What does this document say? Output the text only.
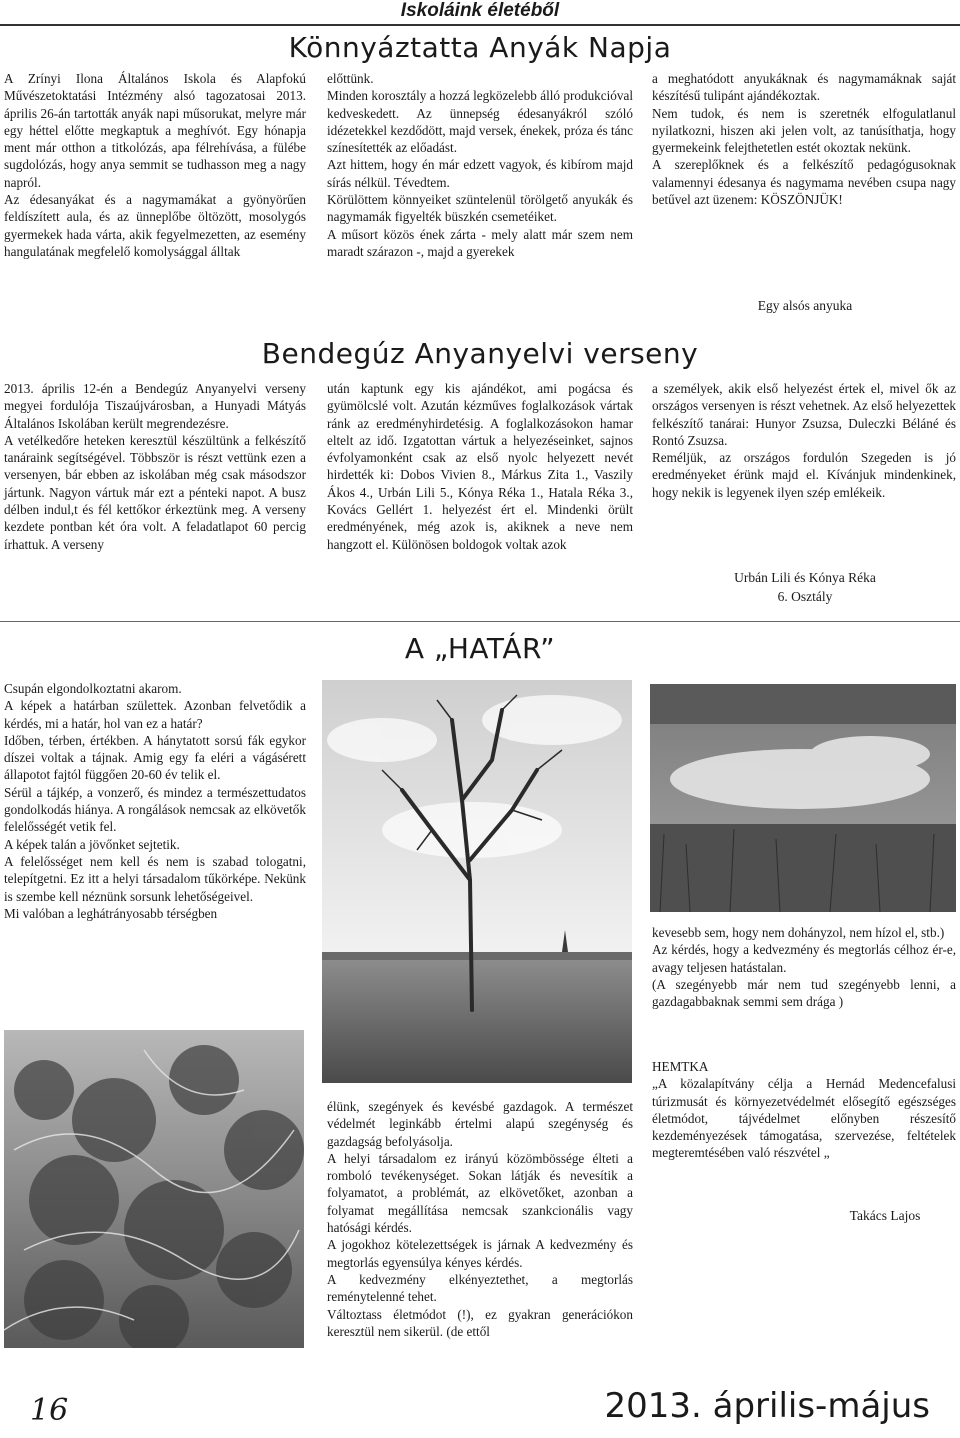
Iskoláink életéből
Könnyáztatta Anyák Napja

A Zrínyi Ilona Általános Iskola és Alapfokú Művészetoktatási Intézmény alsó tagozatosai 2013. április 26-án tartották anyák napi műsorukat, melyre már egy héttel előtte megkaptuk a meghívót. Egy hónapja ment már otthon a titkolózás, apa félrehívása, a fülébe sugdolózás, hogy anya semmit se tudhasson meg a nagy napról.

Az édesanyákat és a nagymamákat a gyönyörűen feldíszített aula, és az ünneplőbe öltözött, mosolygós gyermekek hada várta, akik fegyelmezetten, az esemény hangulatának megfelelő komolysággal álltak

előttünk.

Minden korosztály a hozzá legközelebb álló produkcióval kedveskedett. Az ünnepség édesanyákról szóló idézetekkel kezdődött, majd versek, énekek, próza és tánc színesítették az előadást.

Azt hittem, hogy én már edzett vagyok, és kibírom majd sírás nélkül. Tévedtem.

Körülöttem könnyeiket szüntelenül törölgető anyukák és nagymamák figyelték büszkén csemetéiket.

A műsort közös ének zárta - mely alatt már szem nem maradt szárazon -, majd a gyerekek

a meghatódott anyukáknak és nagymamáknak saját készítésű tulipánt ajándékoztak.

Nem tudok, és nem is szeretnék elfogulatlanul nyilatkozni, hiszen aki jelen volt, az tanúsíthatja, hogy gyermekeink felejthetetlen estét okoztak nekünk.

A szereplőknek és a felkészítő pedagógusoknak valamennyi édesanya és nagymama nevében csupa nagy betűvel azt üzenem: KÖSZÖNJÜK!

Egy alsós anyuka
Bendegúz Anyanyelvi verseny

2013. április 12-én a Bendegúz Anyanyelvi verseny megyei fordulója Tiszaújvárosban, a Hunyadi Mátyás Általános Iskolában került megrendezésre.

A vetélkedőre heteken keresztül készültünk a felkészítő tanáraink segítségével. Többször is részt vettünk ezen a versenyen, bár ebben az iskolában még csak másodszor jártunk. Nagyon vártuk már ezt a pénteki napot. A busz délben indul,t és fél kettőkor érkeztünk meg. A verseny kezdete pontban két óra volt. A feladatlapot 60 percig írhattuk. A verseny

után kaptunk egy kis ajándékot, ami pogácsa és gyümölcslé volt. Azután kézműves foglalkozások vártak ránk az eredményhirdetésig. A foglalkozásokon hamar eltelt az idő. Izgatottan vártuk a helyezéseinket, sajnos évfolyamonként csak az első nyolc helyezett nevét hirdették ki: Dobos Vivien 8., Márkus Zita 1., Vaszily Ákos 4., Urbán Lili 5., Kónya Réka 1., Hatala Réka 3., Kovács Gellért 1. helyezést ért el. Mindenki örült eredményének, még azok is, akiknek a neve nem hangzott el. Különösen boldogok voltak azok

a személyek, akik első helyezést értek el, mivel ők az országos versenyen is részt vehetnek. Az első helyezettek felkészítő tanárai: Hunyor Zsuzsa, Duleczki Béláné és Rontó Zsuzsa.

Reméljük, az országos fordulón Szegeden is jó eredményeket érünk majd el. Kívánjuk mindenkinek, hogy nekik is legyenek ilyen szép emlékeik.

Urbán Lili és Kónya Réka
6. Osztály
A „HATÁR”

Csupán elgondolkoztatni akarom.

A képek a határban születtek. Azonban felvetődik a kérdés, mi a határ, hol van ez a határ?

Időben, térben, értékben. A hánytatott sorsú fák egykor díszei voltak a tájnak. Amig egy fa eléri a vágásérett állapotot fajtól függően 20-60 év telik el.

Sérül a tájkép, a vonzerő, és mindez a természettudatos gondolkodás hiánya. A rongálások nemcsak az elkövetők felelősségét vetik fel.

A képek talán a jövőnket sejtetik.

A felelősséget nem kell és nem is szabad tologatni, telepítgetni. Ez itt a helyi társadalom tűkörképe. Nekünk is szembe kell néznünk sorsunk lehetőségeivel.

Mi valóban a leghátrányosabb térségben

kevesebb sem, hogy nem dohányzol, nem hízol el, stb.)

Az kérdés, hogy a kedvezmény és megtorlás célhoz ér-e, avagy teljesen hatástalan.

(A szegényebb már nem tud szegényebb lenni, a gazdagabbaknak semmi sem drága )

élünk, szegények és kevésbé gazdagok. A természet védelmét leginkább értelmi alapú szegénység és gazdagság befolyásolja.

A helyi társadalom ez irányú közömbössége élteti a romboló tevékenységet. Sokan látják és nevesítik a folyamatot, a problémát, az elkövetőket, azonban a folyamat megállítása nemcsak szankcionális vagy hatósági kérdés.

A jogokhoz kötelezettségek is járnak A kedvezmény és megtorlás egyensúlya kényes kérdés.

A kedvezmény elkényeztethet, a megtorlás reménytelenné tehet.

Változtass életmódot (!), ez gyakran generációkon keresztül nem sikerül. (de ettől

HEMTKA

„A közalapítvány célja a Hernád Medencefalusi túrizmusát és környezetvédelmét elősegítő egészséges életmódot, tájvédelmet előnyben részesítő kezdeményezések támogatása, szervezése, feltételek megteremtésében való részvétel „

Takács Lajos
16	2013. április-május
